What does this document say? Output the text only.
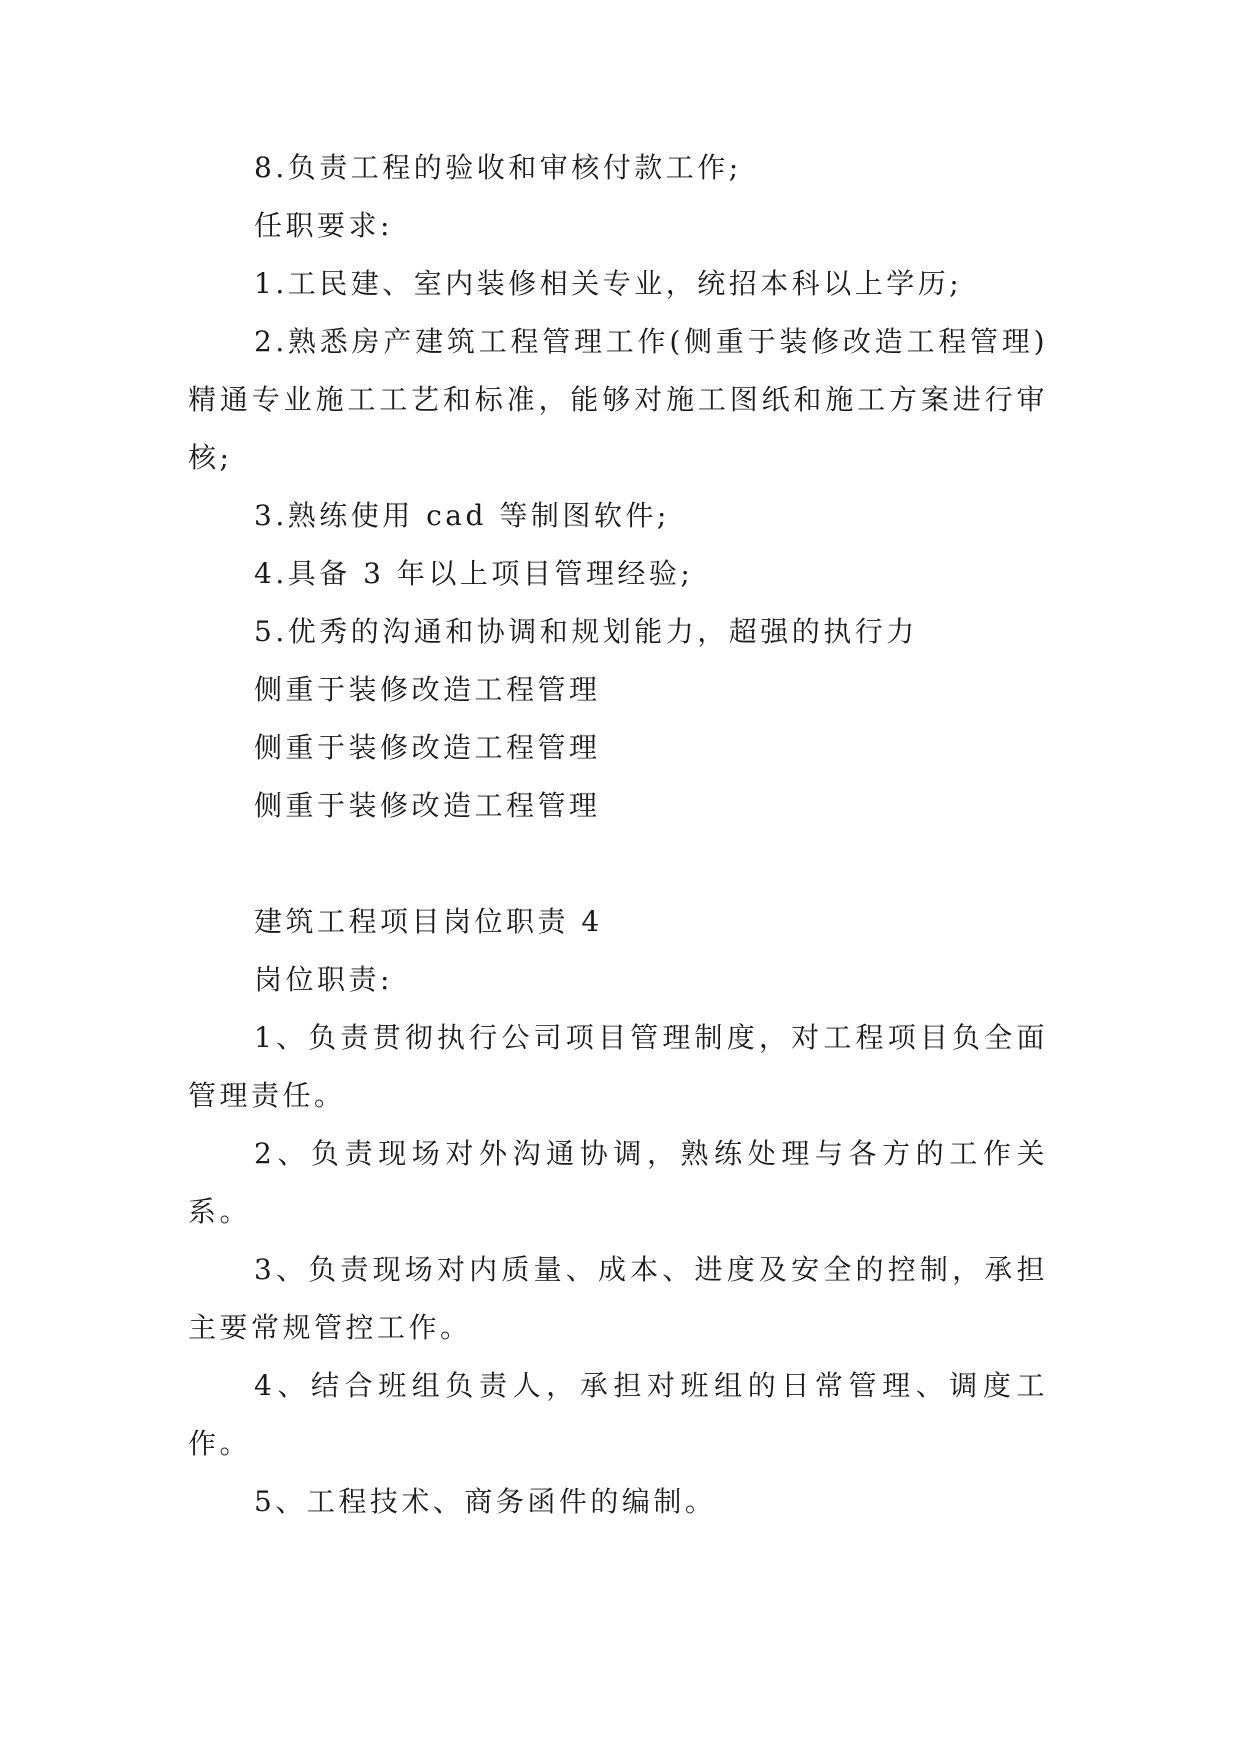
8.负责工程的验收和审核付款工作;
任职要求:
1.工民建、室内装修相关专业，统招本科以上学历;
2.熟悉房产建筑工程管理工作(侧重于装修改造工程管理)精通专业施工工艺和标准，能够对施工图纸和施工方案进行审核;
3.熟练使用 cad 等制图软件;
4.具备 3 年以上项目管理经验;
5.优秀的沟通和协调和规划能力，超强的执行力
侧重于装修改造工程管理
侧重于装修改造工程管理
侧重于装修改造工程管理
建筑工程项目岗位职责 4
岗位职责:
1、负责贯彻执行公司项目管理制度，对工程项目负全面管理责任。
2、负责现场对外沟通协调，熟练处理与各方的工作关系。
3、负责现场对内质量、成本、进度及安全的控制，承担主要常规管控工作。
4、结合班组负责人，承担对班组的日常管理、调度工作。
5、工程技术、商务函件的编制。
